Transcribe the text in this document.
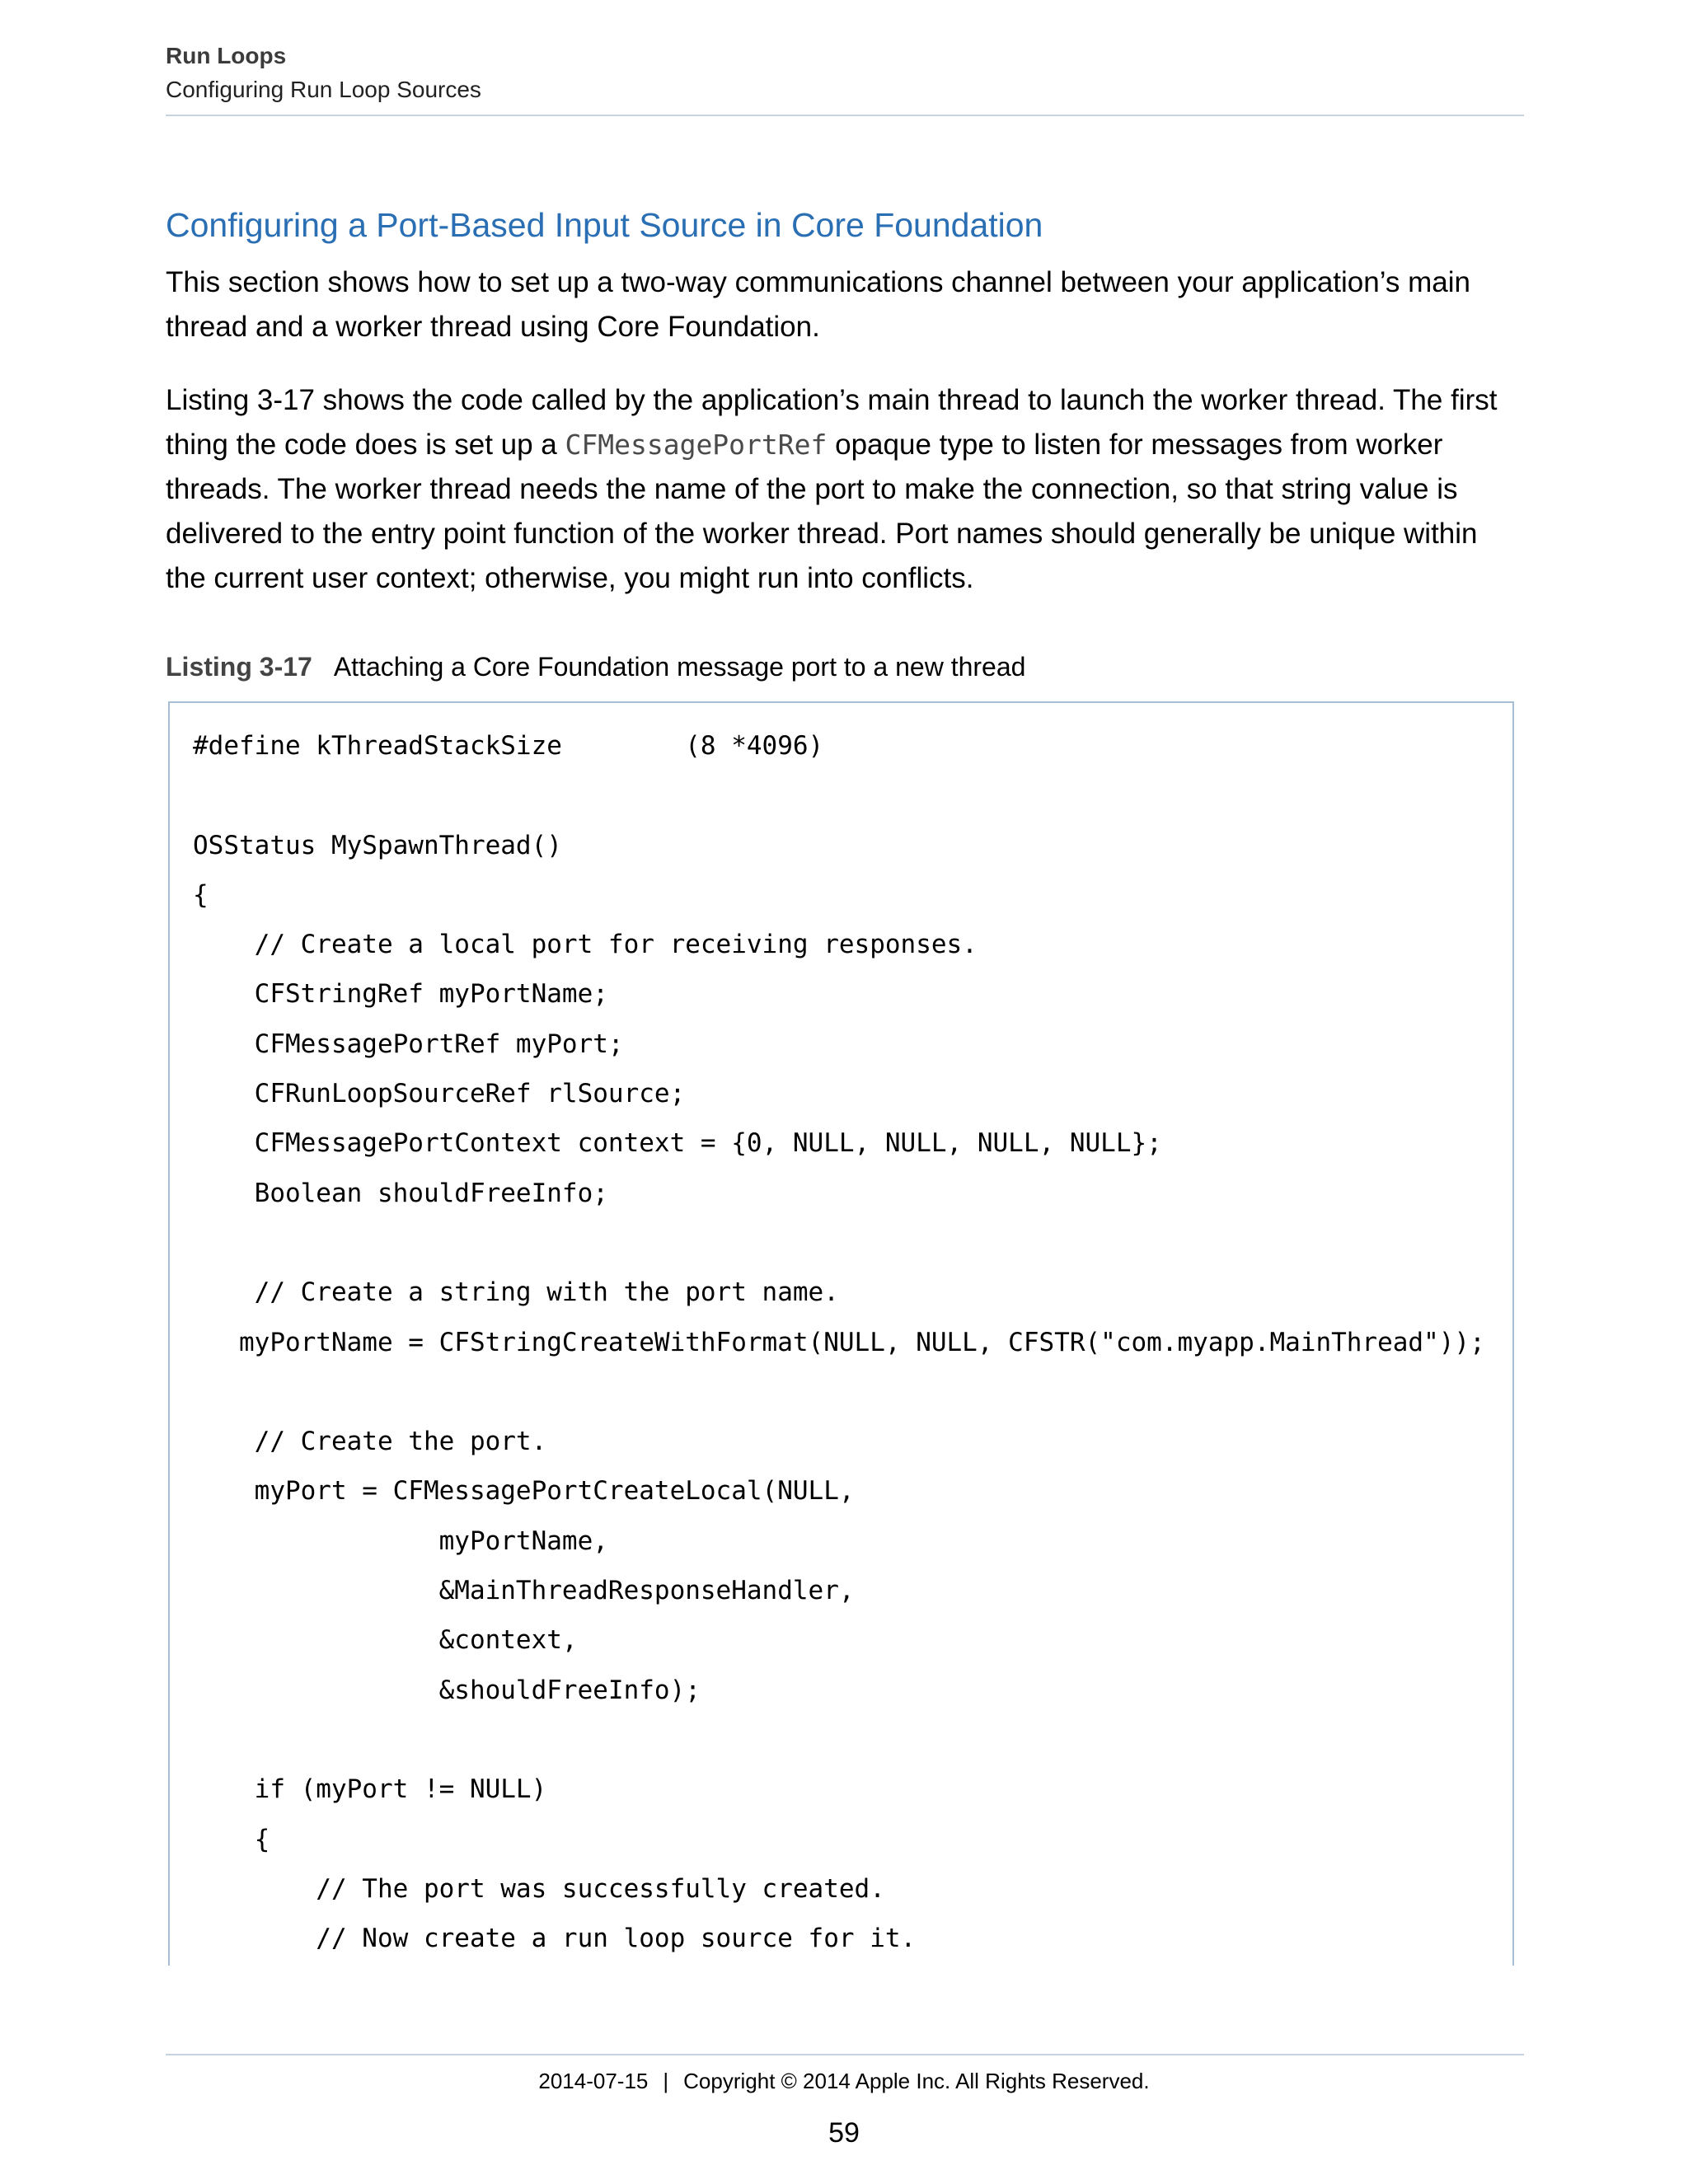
Run Loops

Configuring Run Loop Sources

Configuring a Port-Based Input Source in Core Foundation

This section shows how to set up a two-way communications channel between your application’s main thread and a worker thread using Core Foundation.

Listing 3-17 shows the code called by the application’s main thread to launch the worker thread. The first thing the code does is set up a CFMessagePortRef opaque type to listen for messages from worker threads. The worker thread needs the name of the port to make the connection, so that string value is delivered to the entry point function of the worker thread. Port names should generally be unique within the current user context; otherwise, you might run into conflicts.

Listing 3-17 Attaching a Core Foundation message port to a new thread

#define kThreadStackSize        (8 *4096)
OSStatus MySpawnThread()
{
// Create a local port for receiving responses.
CFStringRef myPortName;
CFMessagePortRef myPort;
CFRunLoopSourceRef rlSource;
CFMessagePortContext context = {0, NULL, NULL, NULL, NULL};
Boolean shouldFreeInfo;
// Create a string with the port name.
myPortName = CFStringCreateWithFormat(NULL, NULL, CFSTR("com.myapp.MainThread"));
// Create the port.
myPort = CFMessagePortCreateLocal(NULL,
myPortName,
&MainThreadResponseHandler,
&context,
&shouldFreeInfo);
if (myPort != NULL)
{
// The port was successfully created.
// Now create a run loop source for it.
2014-07-15 | Copyright © 2014 Apple Inc. All Rights Reserved.
59
